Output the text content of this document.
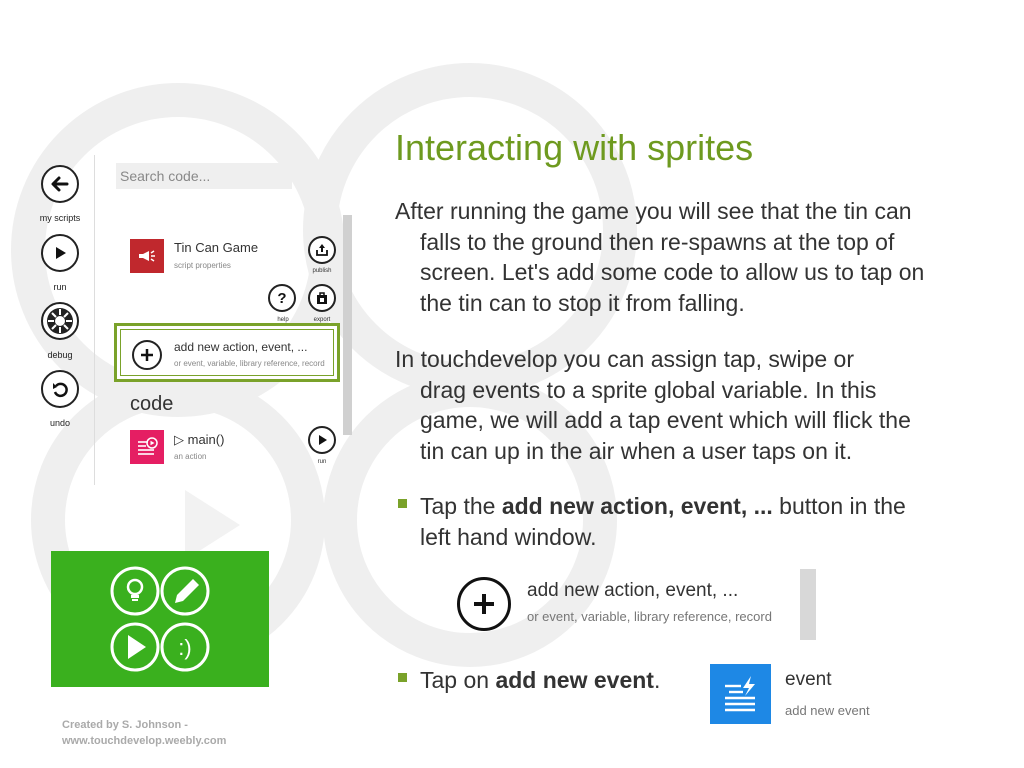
my scripts
run
debug
undo
Search code...
Tin Can Game
script properties
publish
?
help	export
add new action, event, ...
or event, variable, library reference, record
code
▷ main()
an action
run
:)
Created by S. Johnson -
www.touchdevelop.weebly.com
Interacting with sprites
After running the game you will see that the tin can
falls to the ground then re-spawns at the top of
screen. Let's add some code to allow us to tap on
the tin can to stop it from falling.
In touchdevelop you can assign tap, swipe or
drag events to a sprite global variable. In this
game, we will add a tap event which will flick the
tin can up in the air when a user taps on it.
Tap the add new action, event, ... button in the
left hand window.
add new action, event, ...
or event, variable, library reference, record
Tap on add new event.	event
add new event
